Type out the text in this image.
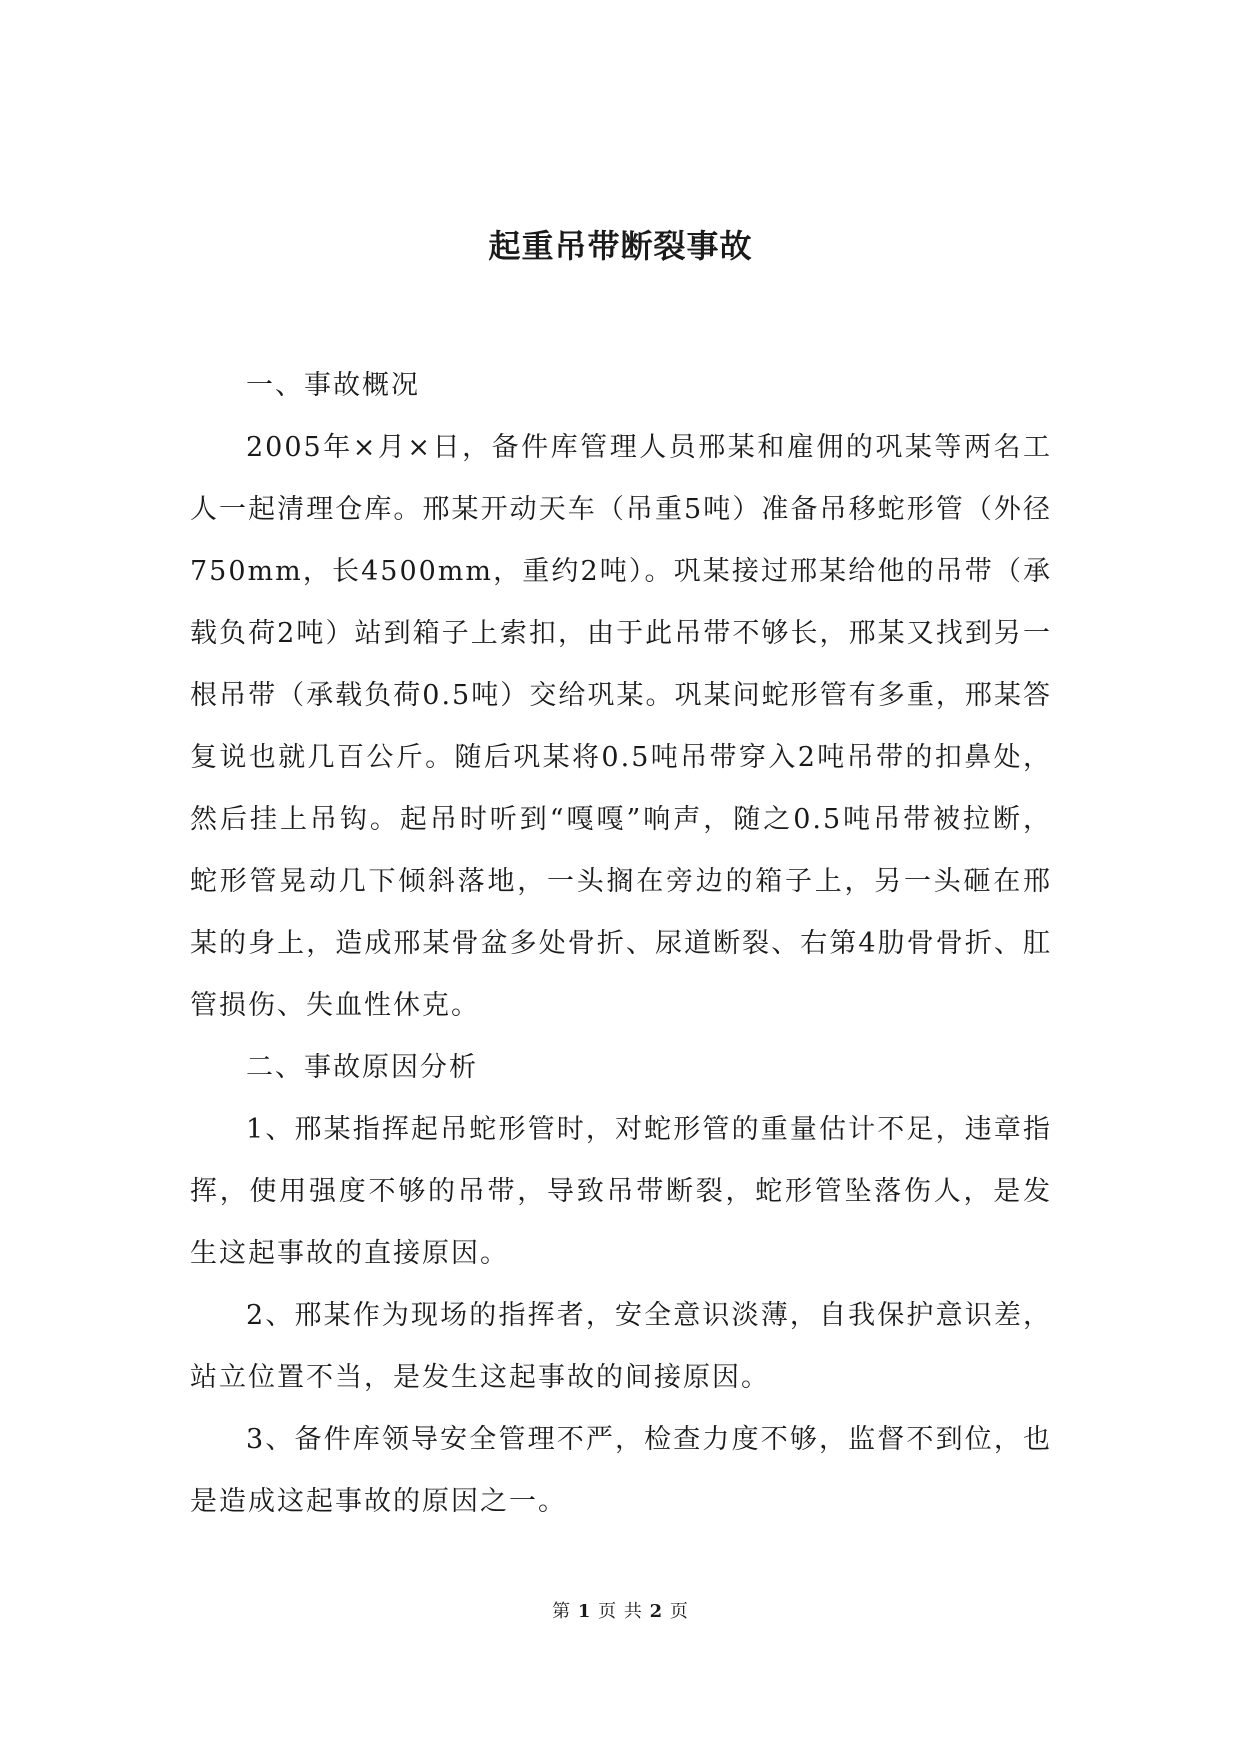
起重吊带断裂事故

一、事故概况

2005年×月×日，备件库管理人员邢某和雇佣的巩某等两名工人一起清理仓库。邢某开动天车（吊重5吨）准备吊移蛇形管（外径750mm，长4500mm，重约2吨）。巩某接过邢某给他的吊带（承载负荷2吨）站到箱子上索扣，由于此吊带不够长，邢某又找到另一根吊带（承载负荷0.5吨）交给巩某。巩某问蛇形管有多重，邢某答复说也就几百公斤。随后巩某将0.5吨吊带穿入2吨吊带的扣鼻处，然后挂上吊钩。起吊时听到“嘎嘎”响声，随之0.5吨吊带被拉断，蛇形管晃动几下倾斜落地，一头搁在旁边的箱子上，另一头砸在邢某的身上，造成邢某骨盆多处骨折、尿道断裂、右第4肋骨骨折、肛管损伤、失血性休克。

二、事故原因分析

1、邢某指挥起吊蛇形管时，对蛇形管的重量估计不足，违章指挥，使用强度不够的吊带，导致吊带断裂，蛇形管坠落伤人，是发生这起事故的直接原因。

2、邢某作为现场的指挥者，安全意识淡薄，自我保护意识差，站立位置不当，是发生这起事故的间接原因。

3、备件库领导安全管理不严，检查力度不够，监督不到位，也是造成这起事故的原因之一。

第 1 页 共 2 页
